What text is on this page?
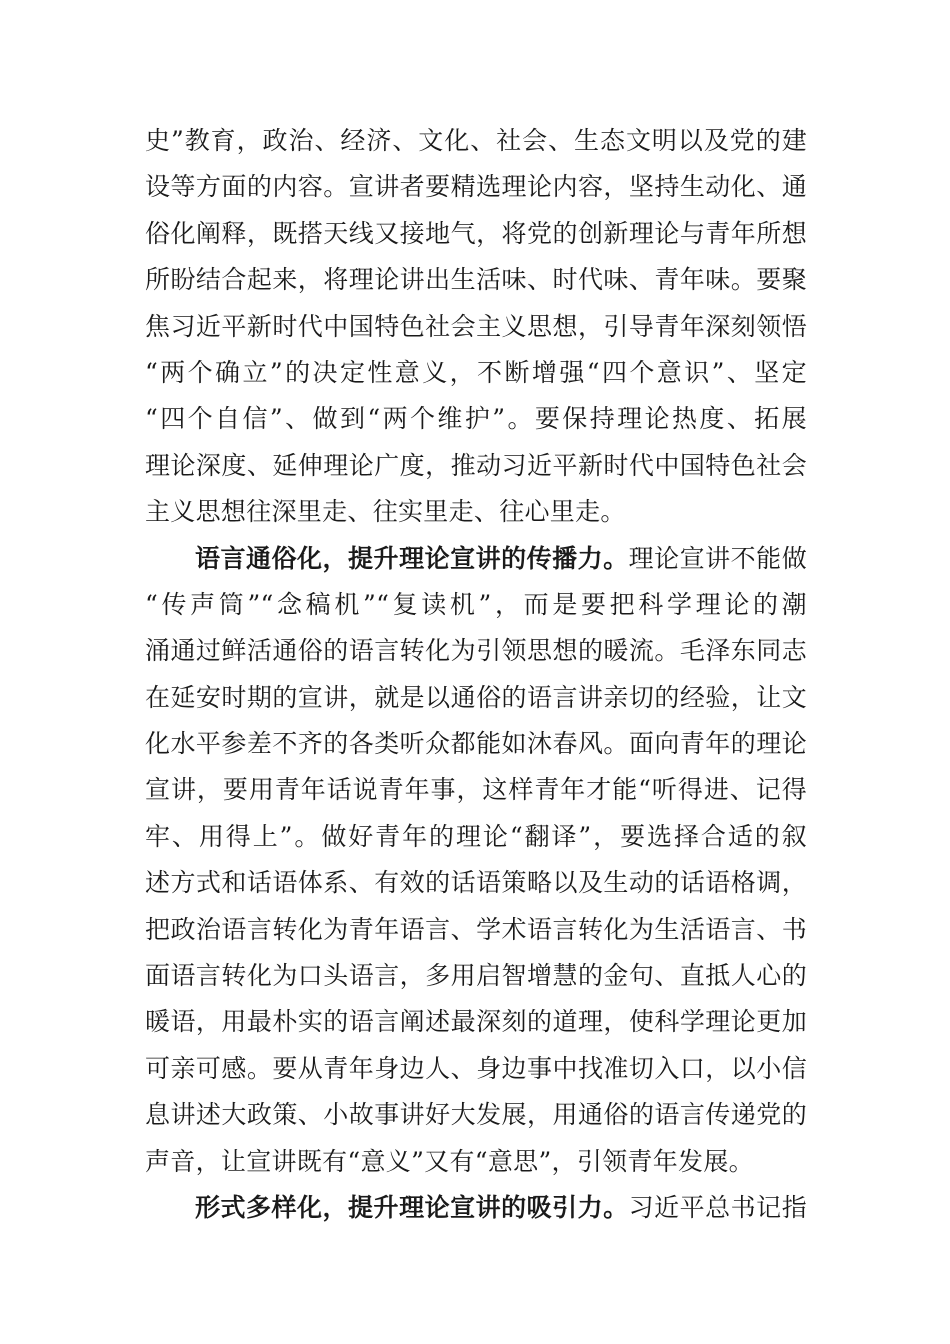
史”教育，政治、经济、文化、社会、生态文明以及党的建
设等方面的内容。宣讲者要精选理论内容，坚持生动化、通
俗化阐释，既搭天线又接地气，将党的创新理论与青年所想
所盼结合起来，将理论讲出生活味、时代味、青年味。要聚
焦习近平新时代中国特色社会主义思想，引导青年深刻领悟
“两个确立”的决定性意义，不断增强“四个意识”、坚定
“四个自信”、做到“两个维护”。要保持理论热度、拓展
理论深度、延伸理论广度，推动习近平新时代中国特色社会
主义思想往深里走、往实里走、往心里走。
语言通俗化，提升理论宣讲的传播力。理论宣讲不能做
“传声筒”“念稿机”“复读机”，而是要把科学理论的潮
涌通过鲜活通俗的语言转化为引领思想的暖流。毛泽东同志
在延安时期的宣讲，就是以通俗的语言讲亲切的经验，让文
化水平参差不齐的各类听众都能如沐春风。面向青年的理论
宣讲，要用青年话说青年事，这样青年才能“听得进、记得
牢、用得上”。做好青年的理论“翻译”，要选择合适的叙
述方式和话语体系、有效的话语策略以及生动的话语格调，
把政治语言转化为青年语言、学术语言转化为生活语言、书
面语言转化为口头语言，多用启智增慧的金句、直抵人心的
暖语，用最朴实的语言阐述最深刻的道理，使科学理论更加
可亲可感。要从青年身边人、身边事中找准切入口，以小信
息讲述大政策、小故事讲好大发展，用通俗的语言传递党的
声音，让宣讲既有“意义”又有“意思”，引领青年发展。
形式多样化，提升理论宣讲的吸引力。习近平总书记指
